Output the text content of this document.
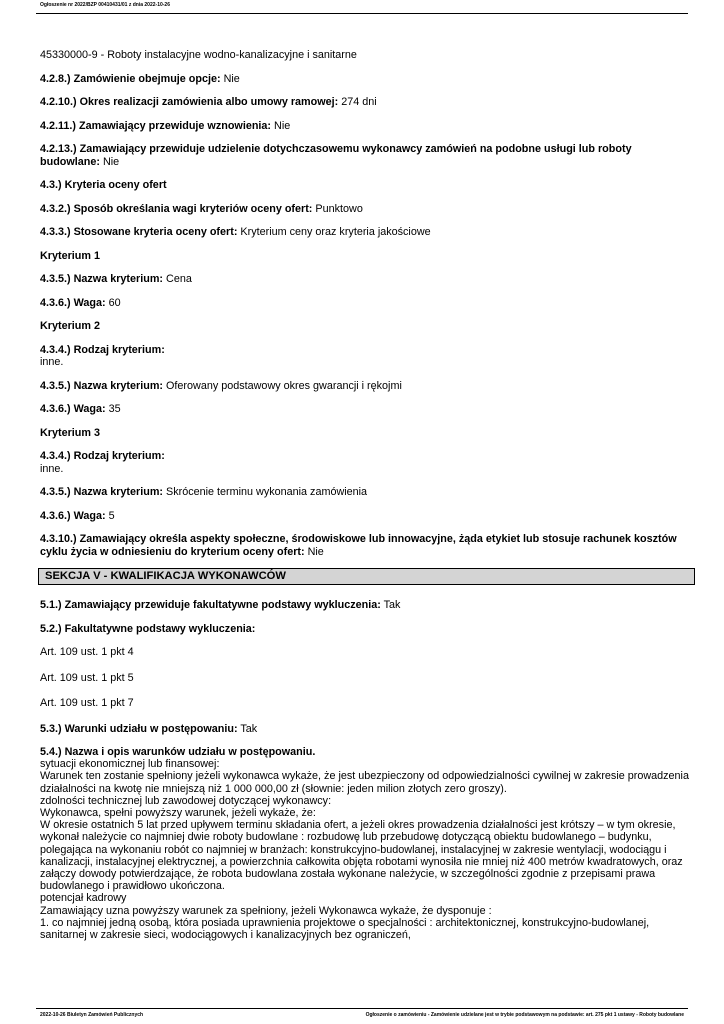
Ogłoszenie nr 2022/BZP 00410431/01 z dnia 2022-10-26
45330000-9 - Roboty instalacyjne wodno-kanalizacyjne i sanitarne
4.2.8.) Zamówienie obejmuje opcje: Nie
4.2.10.) Okres realizacji zamówienia albo umowy ramowej: 274 dni
4.2.11.) Zamawiający przewiduje wznowienia: Nie
4.2.13.) Zamawiający przewiduje udzielenie dotychczasowemu wykonawcy zamówień na podobne usługi lub roboty budowlane: Nie
4.3.) Kryteria oceny ofert
4.3.2.) Sposób określania wagi kryteriów oceny ofert: Punktowo
4.3.3.) Stosowane kryteria oceny ofert: Kryterium ceny oraz kryteria jakościowe
Kryterium 1
4.3.5.) Nazwa kryterium: Cena
4.3.6.) Waga: 60
Kryterium 2
4.3.4.) Rodzaj kryterium:
inne.
4.3.5.) Nazwa kryterium: Oferowany podstawowy okres gwarancji i rękojmi
4.3.6.) Waga: 35
Kryterium 3
4.3.4.) Rodzaj kryterium:
inne.
4.3.5.) Nazwa kryterium: Skrócenie terminu wykonania zamówienia
4.3.6.) Waga: 5
4.3.10.) Zamawiający określa aspekty społeczne, środowiskowe lub innowacyjne, żąda etykiet lub stosuje rachunek kosztów cyklu życia w odniesieniu do kryterium oceny ofert: Nie
SEKCJA V - KWALIFIKACJA WYKONAWCÓW
5.1.) Zamawiający przewiduje fakultatywne podstawy wykluczenia: Tak
5.2.) Fakultatywne podstawy wykluczenia:
Art. 109 ust. 1 pkt 4
Art. 109 ust. 1 pkt 5
Art. 109 ust. 1 pkt 7
5.3.) Warunki udziału w postępowaniu: Tak
5.4.) Nazwa i opis warunków udziału w postępowaniu.
sytuacji ekonomicznej lub finansowej:
Warunek ten zostanie spełniony jeżeli wykonawca wykaże, że jest ubezpieczony od odpowiedzialności cywilnej w zakresie prowadzenia działalności na kwotę nie mniejszą niż 1 000 000,00 zł (słownie: jeden milion złotych zero groszy).
zdolności technicznej lub zawodowej dotyczącej wykonawcy:
Wykonawca, spełni powyższy warunek, jeżeli wykaże, że:
W okresie ostatnich 5 lat przed upływem terminu składania ofert, a jeżeli okres prowadzenia działalności jest krótszy – w tym okresie, wykonał należycie co najmniej dwie roboty budowlane : rozbudowę lub przebudowę dotyczącą obiektu budowlanego – budynku, polegająca na wykonaniu robót co najmniej w branżach: konstrukcyjno-budowlanej, instalacyjnej w zakresie wentylacji, wodociągu i kanalizacji, instalacyjnej elektrycznej, a powierzchnia całkowita objęta robotami wynosiła nie mniej niż 400 metrów kwadratowych, oraz załączy dowody potwierdzające, że robota budowlana została wykonane należycie, w szczególności zgodnie z przepisami prawa budowlanego i prawidłowo ukończona.
potencjał kadrowy
Zamawiający uzna powyższy warunek za spełniony, jeżeli Wykonawca wykaże, że dysponuje :
1. co najmniej jedną osobą, która posiada uprawnienia projektowe o specjalności : architektonicznej, konstrukcyjno-budowlanej, sanitarnej w zakresie sieci, wodociągowych i kanalizacyjnych bez ograniczeń,
2022-10-26 Biuletyn Zamówień Publicznych	Ogłoszenie o zamówieniu - Zamówienie udzielane jest w trybie podstawowym na podstawie: art. 275 pkt 1 ustawy - Roboty budowlane
